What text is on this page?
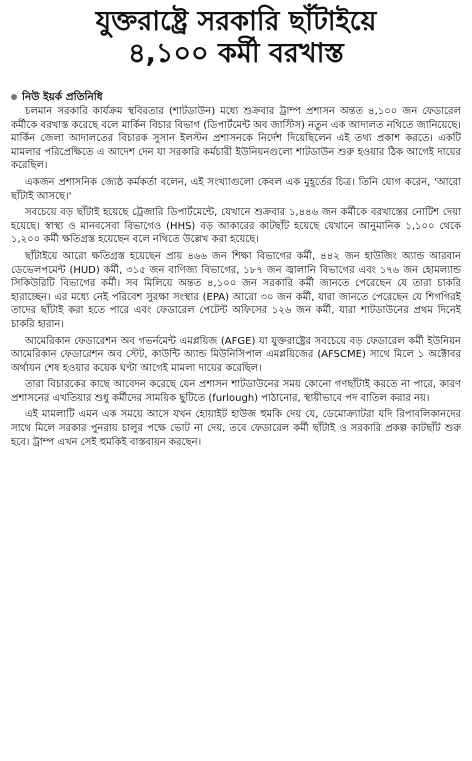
যুক্তরাষ্ট্রে সরকারি ছাঁটাইয়ে
৪,১০০ কর্মী বরখাস্ত
নিউ ইয়র্ক প্রতিনিধি

চলমান সরকারি কার্যক্রম স্থবিরতার (শাটডাউন) মধ্যে শুক্রবার ট্রাম্প প্রশাসন অন্তত ৪,১০০ জন ফেডারেল কর্মীকে বরখাস্ত করেছে বলে মার্কিন বিচার বিভাগ (ডিপার্টমেন্ট অব জাস্টিস) নতুন এক আদালত নথিতে জানিয়েছে। মার্কিন জেলা আদালতের বিচারক সুসান ইলস্টন প্রশাসনকে নির্দেশ দিয়েছিলেন এই তথ্য প্রকাশ করতে। একটি মামলার পরিপ্রেক্ষিতে এ আদেশ দেন যা সরকারি কর্মচারী ইউনিয়নগুলো শাটডাউন শুরু হওয়ার ঠিক আগেই দায়ের করেছিল।

একজন প্রশাসনিক জ্যেষ্ঠ কর্মকর্তা বলেন, এই সংখ্যাগুলো কেবল এক মুহূর্তের চিত্র। তিনি যোগ করেন, 'আরো ছাঁটাই আসছে।'

সবচেয়ে বড় ছাঁটাই হয়েছে ট্রেজারি ডিপার্টমেন্টে, যেখানে শুক্রবার ১,৪৪৬ জন কর্মীকে বরখাস্তের নোটিশ দেয়া হয়েছে। স্বাস্থ্য ও মানবসেবা বিভাগেও (HHS) বড় আকারের কাটছাঁট হয়েছে যেখানে আনুমানিক ১,১০০ থেকে ১,২০০ কর্মী ক্ষতিগ্রস্ত হয়েছেন বলে নথিতে উল্লেখ করা হয়েছে।

ছাঁটাইয়ে আরো ক্ষতিগ্রস্ত হয়েছেন প্রায় ৪৬৬ জন শিক্ষা বিভাগের কর্মী, ৪৪২ জন হাউজিং অ্যান্ড আরবান ডেভেলপমেন্ট (HUD) কর্মী, ৩১৫ জন বাণিজ্য বিভাগের, ১৮৭ জন জ্বালানি বিভাগের এবং ১৭৬ জন হোমল্যান্ড সিকিউরিটি বিভাগের কর্মী। সব মিলিয়ে অন্তত ৪,১০০ জন সরকারি কর্মী জানতে পেরেছেন যে তারা চাকরি হারাচ্ছেন। এর মধ্যে নেই পরিবেশ সুরক্ষা সংস্থার (EPA) আরো ৩০ জন কর্মী, যারা জানতে পেরেছেন যে শিগগিরই তাদের ছাঁটাই করা হতে পারে এবং ফেডারেল পেটেন্ট অফিসের ১২৬ জন কর্মী, যারা শাটডাউনের প্রথম দিনেই চাকরি হারান।

আমেরিকান ফেডারেশন অব গভর্নমেন্ট এমপ্লয়িজ (AFGE) যা যুক্তরাষ্ট্রের সবচেয়ে বড় ফেডারেল কর্মী ইউনিয়ন আমেরিকান ফেডারেশন অব স্টেট, কাউন্টি অ্যান্ড মিউনিসিপাল এমপ্লয়িজের (AFSCME) সাথে মিলে ১ অক্টোবর অর্থায়ন শেষ হওয়ার কয়েক ঘণ্টা আগেই মামলা দায়ের করেছিল।

তারা বিচারকের কাছে আবেদন করেছে যেন প্রশাসন শাটডাউনের সময় কোনো গণছাঁটাই করতে না পারে, কারণ প্রশাসনের এখতিয়ার শুধু কর্মীদের সাময়িক ছুটিতে (furlough) পাঠানোর, স্থায়ীভাবে পদ বাতিল করার নয়।

এই মামলাটি এমন এক সময়ে আসে যখন হোয়াইট হাউজ হুমকি দেয় যে, ডেমোক্র্যাটরা যদি রিপাবলিকানদের সাথে মিলে সরকার পুনরায় চালুর পক্ষে ভোট না দেয়, তবে ফেডারেল কর্মী ছাঁটাই ও সরকারি প্রকল্প কাটছাঁট শুরু হবে। ট্রাম্প এখন সেই হুমকিই বাস্তবায়ন করছেন।
